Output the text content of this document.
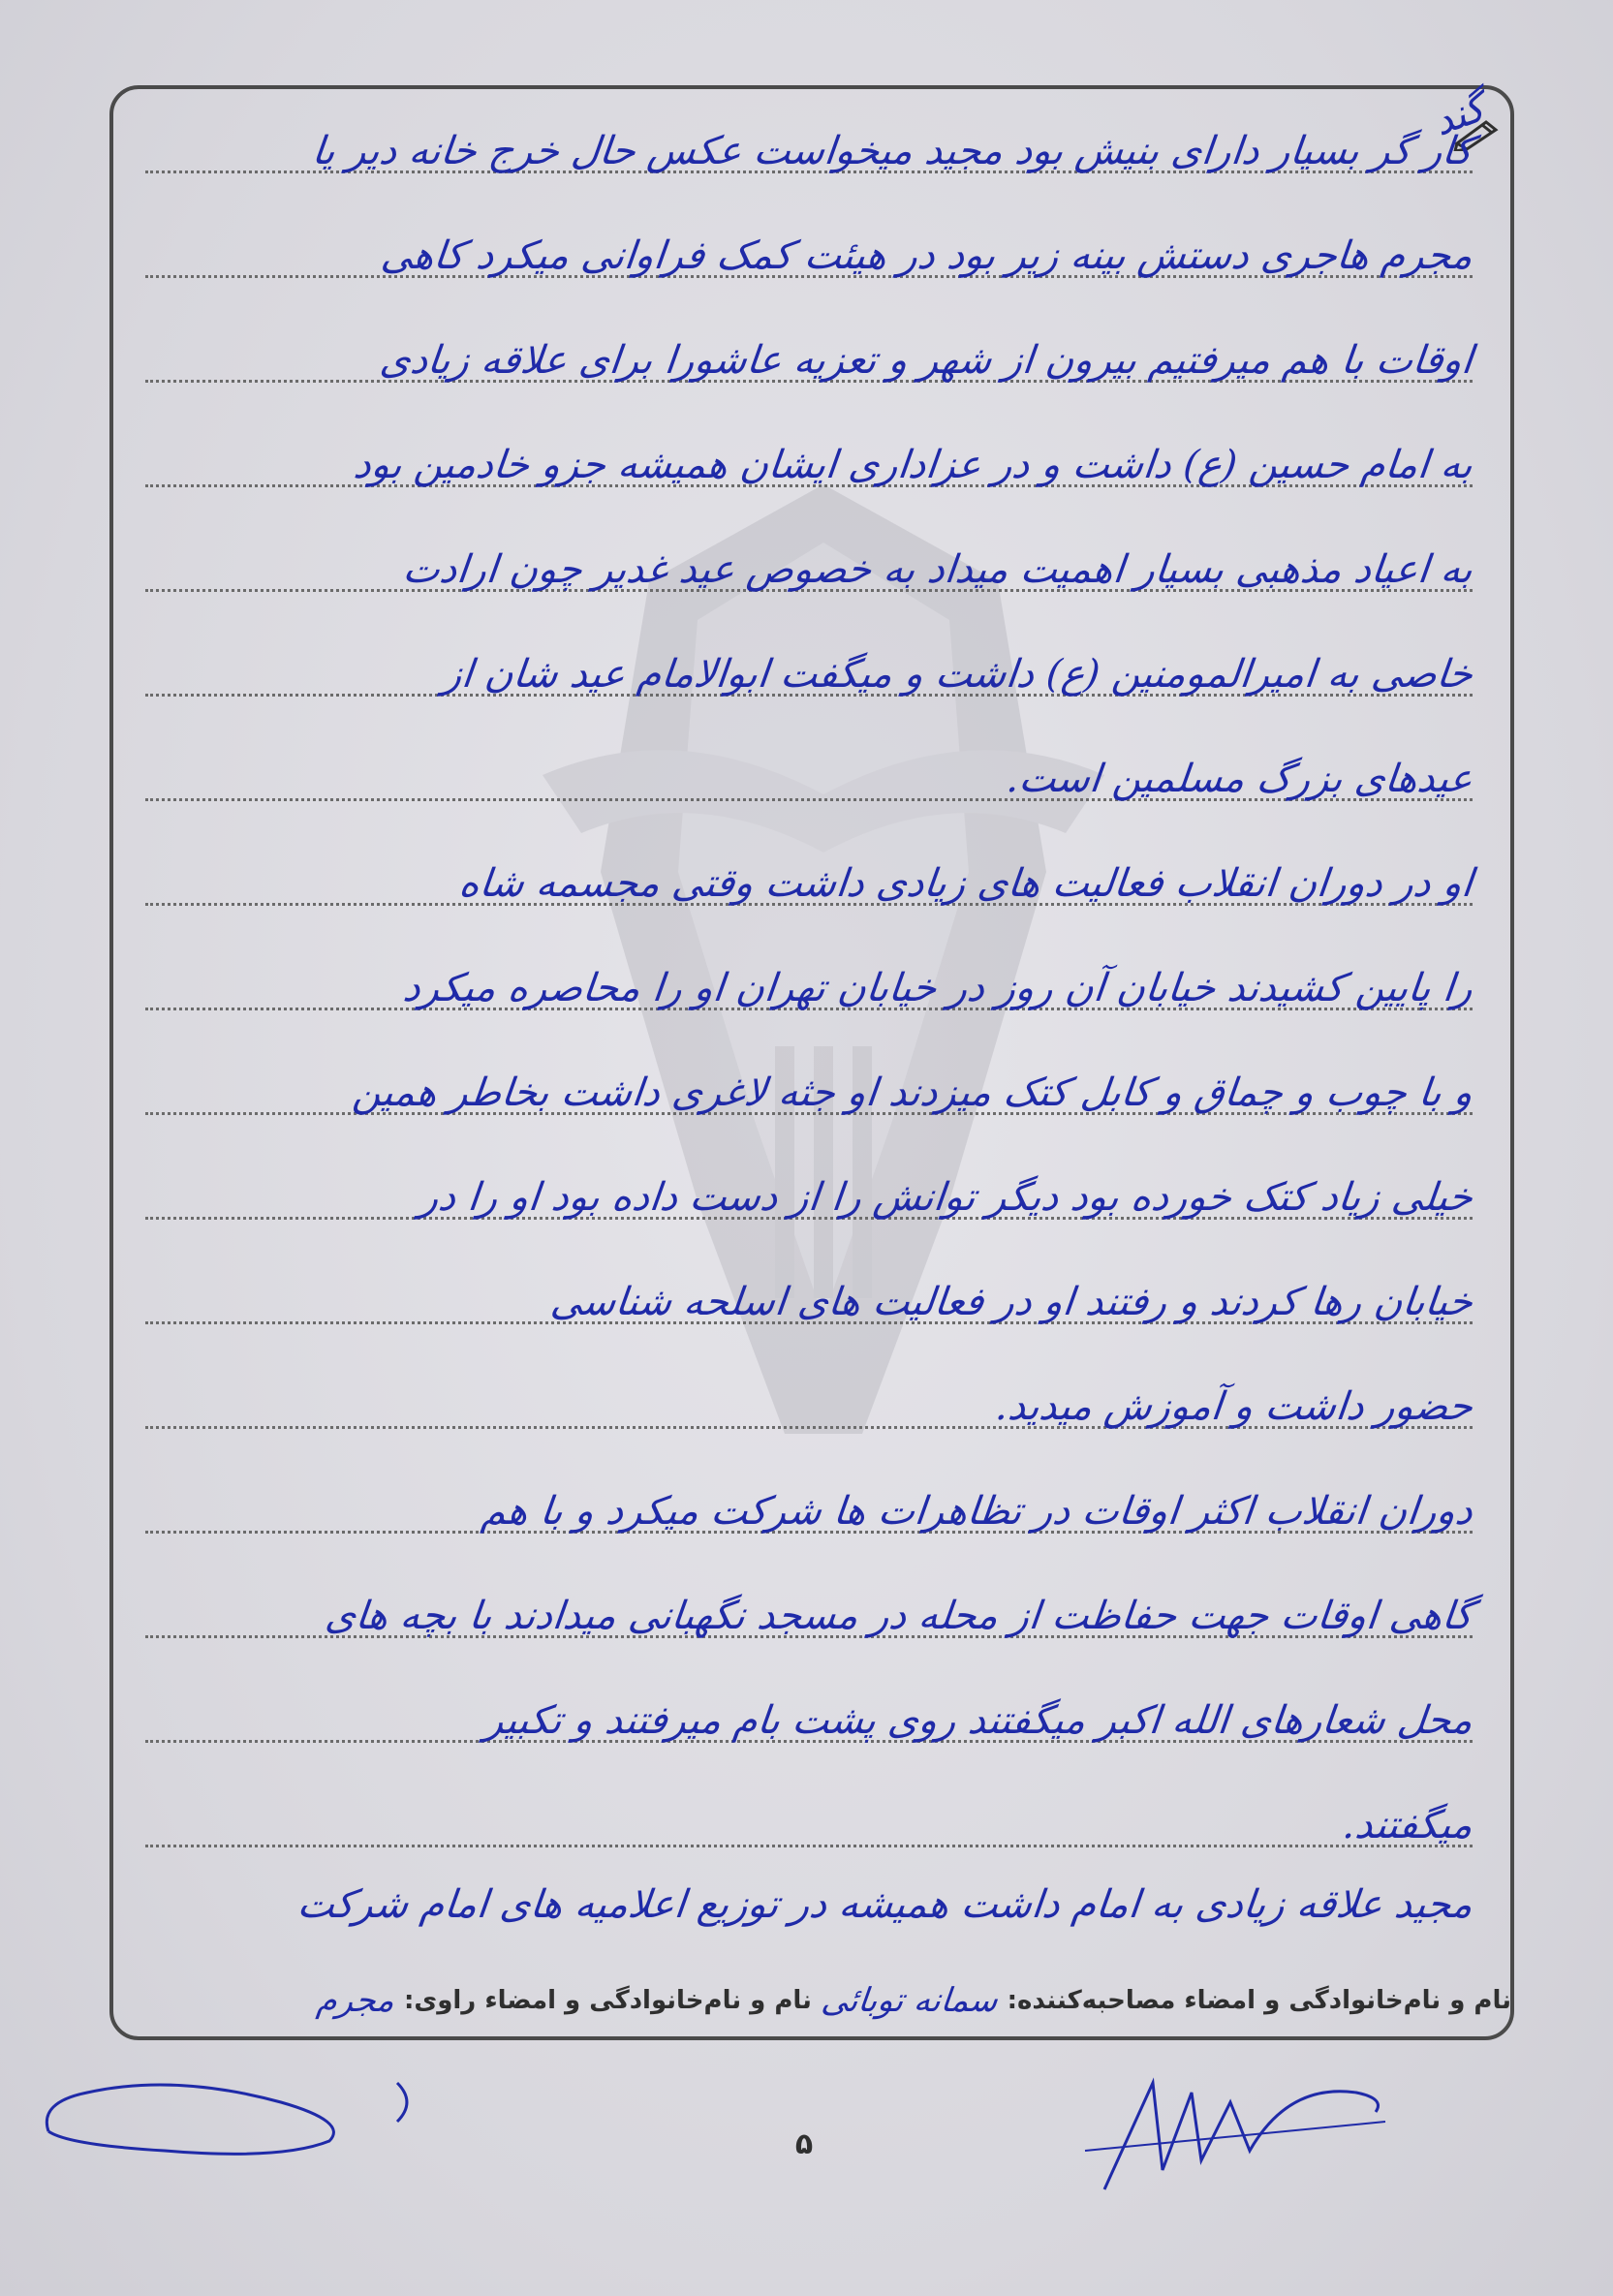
گند
کار گر بسیار دارای بنیش بود مجید میخواست عکس حال خرج خانه دیر یا
مجرم هاجری دستش بینه زیر بود در هیئت کمک فراوانی میکرد کاهی
اوقات با هم میرفتیم بیرون از شهر و تعزیه عاشورا برای علاقه زیادی
به امام حسین (ع) داشت و در عزاداری ایشان همیشه جزو خادمین بود
به اعیاد مذهبی بسیار اهمیت میداد به خصوص عید غدیر چون ارادت
خاصی به امیرالمومنین (ع) داشت و میگفت ابوالامام عید شان از
عیدهای بزرگ مسلمین است.
او در دوران انقلاب فعالیت های زیادی داشت وقتی مجسمه شاه
را پایین کشیدند خیابان آن روز در خیابان تهران او را محاصره میکرد
و با چوب و چماق و کابل کتک میزدند او جثه لاغری داشت بخاطر همین
خیلی زیاد کتک خورده بود دیگر توانش را از دست داده بود او را در
خیابان رها کردند و رفتند او در فعالیت های اسلحه شناسی
حضور داشت و آموزش میدید.
دوران انقلاب اکثر اوقات در تظاهرات ها شرکت میکرد و با هم
گاهی اوقات جهت حفاظت از محله در مسجد نگهبانی میدادند با بچه های
محل شعارهای الله اکبر میگفتند روی پشت بام میرفتند و تکبیر
میگفتند.
مجید علاقه زیادی به امام داشت همیشه در توزیع اعلامیه های امام شرکت
نام و نام‌خانوادگی و امضاء مصاحبه‌کننده:
سمانه توبائی
نام و نام‌خانوادگی و امضاء راوی:
مجرم
۵
